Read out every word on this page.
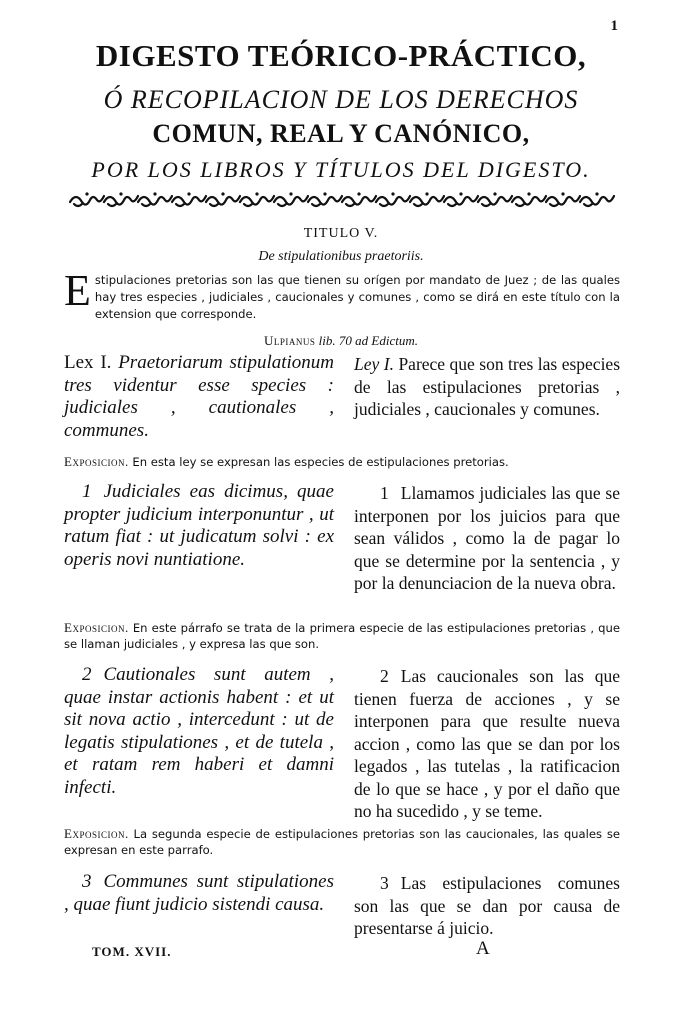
1
DIGESTO TEÓRICO-PRÁCTICO,
Ó RECOPILACION DE LOS DERECHOS
COMUN, REAL Y CANÓNICO,
POR LOS LIBROS Y TÍTULOS DEL DIGESTO.
TITULO V.
De stipulationibus praetoriis.
Estipulaciones pretorias son las que tienen su orígen por mandato de Juez ; de las quales hay tres especies , judiciales , caucionales y comunes , como se dirá en este título con la extension que corresponde.
Ulpianus lib. 70 ad Edictum.
Lex I. Praetoriarum stipulationum tres videntur esse species : judiciales , cautionales , communes.
Ley I. Parece que son tres las especies de las estipulaciones pretorias , judiciales , caucionales y comunes.
Exposicion. En esta ley se expresan las especies de estipulaciones pretorias.
1 Judiciales eas dicimus, quae propter judicium interponuntur , ut ratum fiat : ut judicatum solvi : ex operis novi nuntiatione.
1 Llamamos judiciales las que se interponen por los juicios para que sean válidos , como la de pagar lo que se determine por la sentencia , y por la denunciacion de la nueva obra.
Exposicion. En este párrafo se trata de la primera especie de las estipulaciones pretorias , que se llaman judiciales , y expresa las que son.
2 Cautionales sunt autem , quae instar actionis habent : et ut sit nova actio , intercedunt : ut de legatis stipulationes , et de tutela , et ratam rem haberi et damni infecti.
2 Las caucionales son las que tienen fuerza de acciones , y se interponen para que resulte nueva accion , como las que se dan por los legados , las tutelas , la ratificacion de lo que se hace , y por el daño que no ha sucedido , y se teme.
Exposicion. La segunda especie de estipulaciones pretorias son las caucionales, las quales se expresan en este parrafo.
3 Communes sunt stipulationes , quae fiunt judicio sistendi causa.
3 Las estipulaciones comunes son las que se dan por causa de presentarse á juicio.
TOM. XVII.	A
